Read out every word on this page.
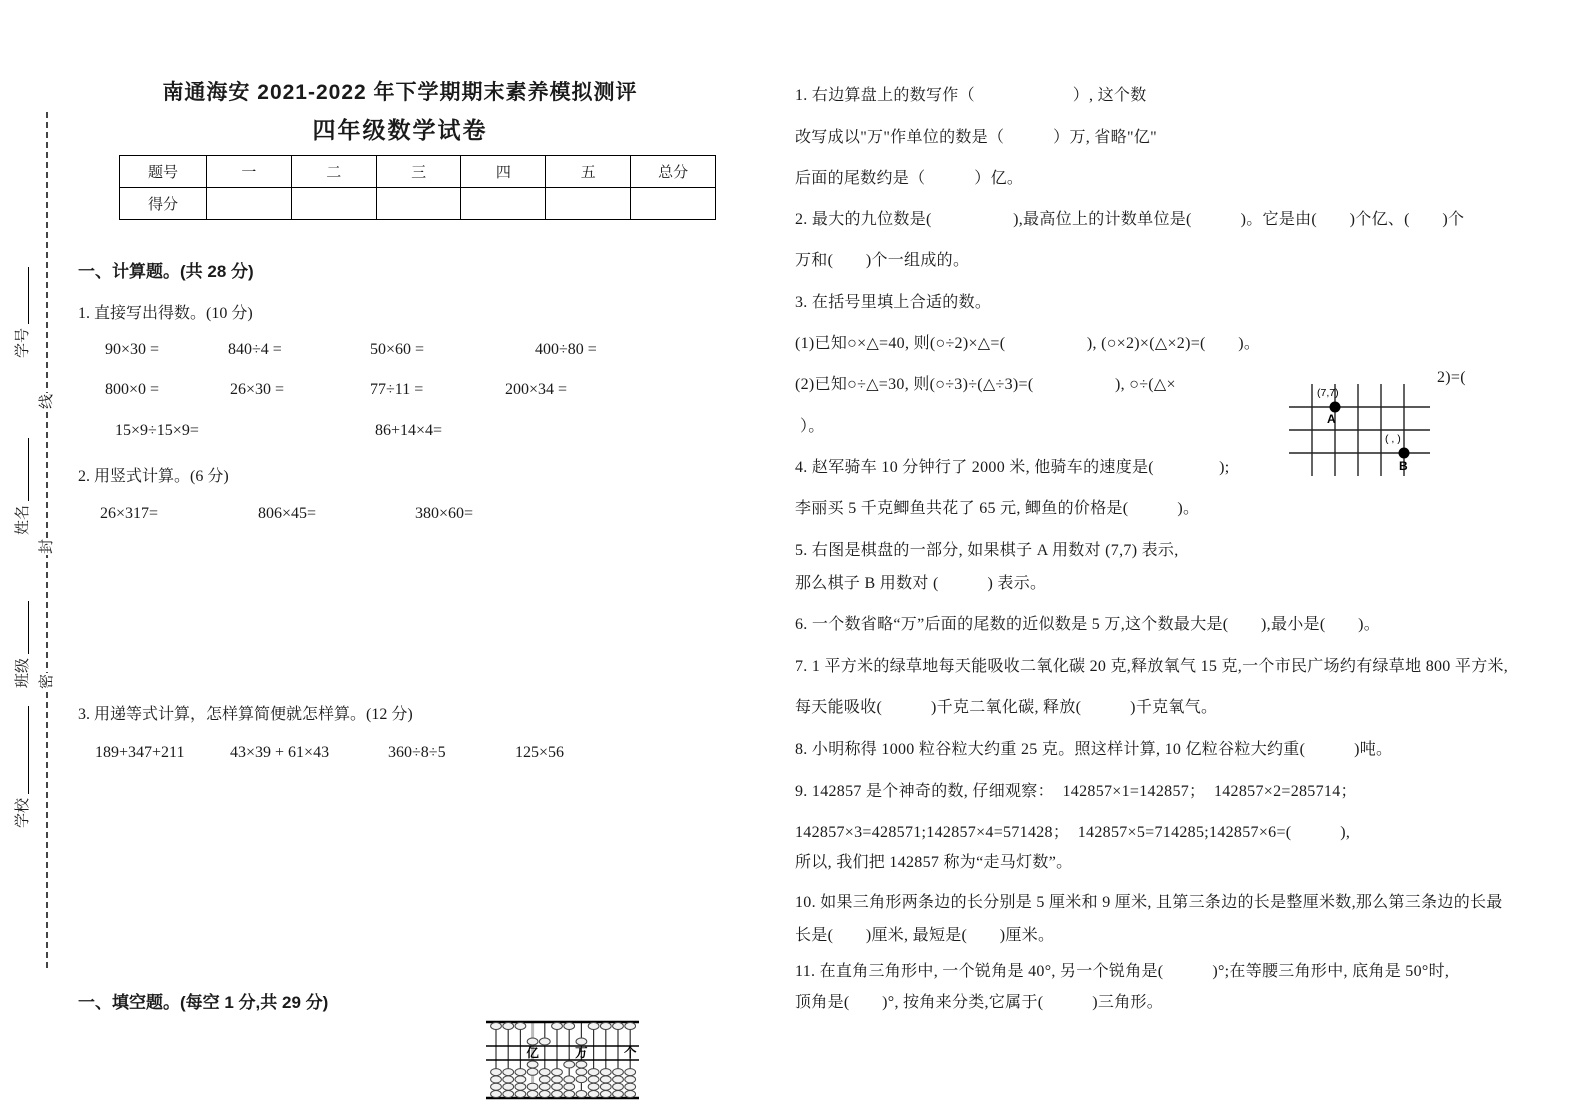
学号
姓名
班级
学校
线
封
密
南通海安 2021-2022 年下学期期末素养模拟测评
四年级数学试卷
题号	一	二	三	四	五	总分
得分						
一、计算题。(共 28 分)
1. 直接写出得数。(10 分)
90×30 =	840÷4 =	50×60 =	400÷80 =
800×0 =	26×30 =	77÷11 =	200×34 =
15×9÷15×9=	86+14×4=
2. 用竖式计算。(6 分)
26×317=	806×45=	380×60=
3. 用递等式计算，怎样算简便就怎样算。(12 分)
189+347+211	43×39 + 61×43	360÷8÷5	125×56
一、填空题。(每空 1 分,共 29 分)
亿	万	个
1. 右边算盘上的数写作（　　　　　　）, 这个数
改写成以"万"作单位的数是（　　　）万, 省略"亿"
后面的尾数约是（　　　）亿。
2. 最大的九位数是(　　　　　),最高位上的计数单位是(　　　)。它是由(　　)个亿、(　　)个
万和(　　)个一组成的。
3. 在括号里填上合适的数。
(1)已知○×△=40, 则(○÷2)×△=(　　　　　), (○×2)×(△×2)=(　　)。
(2)已知○÷△=30, 则(○÷3)÷(△÷3)=(　　　　　), ○÷(△×
）。
4. 赵军骑车 10 分钟行了 2000 米, 他骑车的速度是(　　　　);
李丽买 5 千克鲫鱼共花了 65 元, 鲫鱼的价格是(　　　)。
5. 右图是棋盘的一部分, 如果棋子 A 用数对 (7,7) 表示,
那么棋子 B 用数对 (　　　) 表示。
6. 一个数省略“万”后面的尾数的近似数是 5 万,这个数最大是(　　),最小是(　　)。
7. 1 平方米的绿草地每天能吸收二氧化碳 20 克,释放氧气 15 克,一个市民广场约有绿草地 800 平方米,
每天能吸收(　　　)千克二氧化碳, 释放(　　　)千克氧气。
8. 小明称得 1000 粒谷粒大约重 25 克。照这样计算, 10 亿粒谷粒大约重(　　　)吨。
9. 142857 是个神奇的数, 仔细观察：  142857×1=142857；  142857×2=285714；
142857×3=428571;142857×4=571428；  142857×5=714285;142857×6=(　　　),
所以, 我们把 142857 称为“走马灯数”。
10. 如果三角形两条边的长分别是 5 厘米和 9 厘米, 且第三条边的长是整厘米数,那么第三条边的长最
长是(　　)厘米, 最短是(　　)厘米。
11. 在直角三角形中, 一个锐角是 40°, 另一个锐角是(　　　)°;在等腰三角形中, 底角是 50°时,
顶角是(　　)°, 按角来分类,它属于(　　　)三角形。
2)=(
(7,7)
A
( , )
B
